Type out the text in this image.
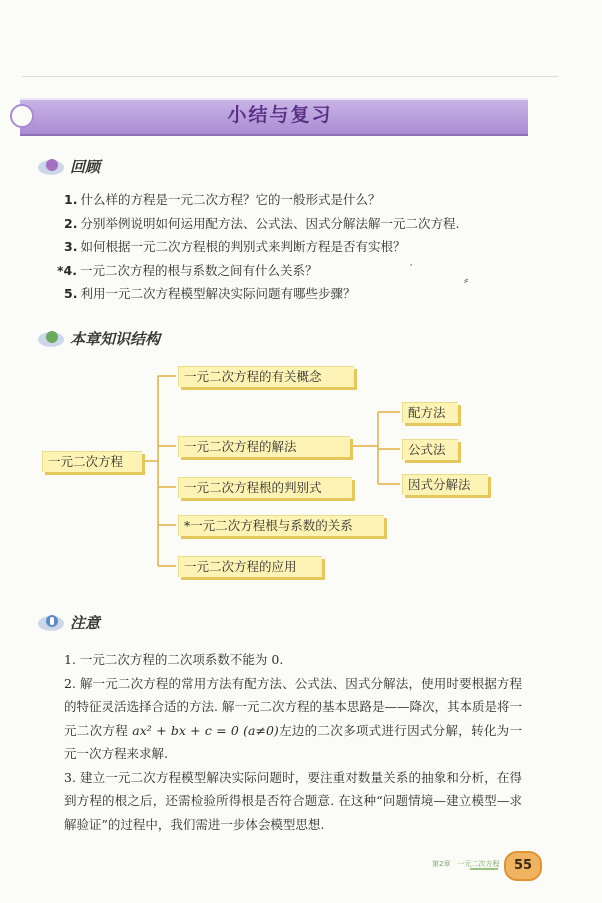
小结与复习
回顾
1. 什么样的方程是一元二次方程？它的一般形式是什么？
2. 分别举例说明如何运用配方法、公式法、因式分解法解一元二次方程.
3. 如何根据一元二次方程根的判别式来判断方程是否有实根？
*4. 一元二次方程的根与系数之间有什么关系？
5. 利用一元二次方程模型解决实际问题有哪些步骤？
′
⸗
本章知识结构
一元二次方程
一元二次方程的有关概念
一元二次方程的解法
一元二次方程根的判别式
*一元二次方程根与系数的关系
一元二次方程的应用
配方法
公式法
因式分解法
注意

1. 一元二次方程的二次项系数不能为 0.

2. 解一元二次方程的常用方法有配方法、公式法、因式分解法，使用时要根据方程的特征灵活选择合适的方法. 解一元二次方程的基本思路是——降次，其本质是将一元二次方程 ax² + bx + c = 0 (a≠0)左边的二次多项式进行因式分解，转化为一元一次方程来求解.

3. 建立一元二次方程模型解决实际问题时，要注重对数量关系的抽象和分析，在得到方程的根之后，还需检验所得根是否符合题意. 在这种“问题情境—建立模型—求解验证”的过程中，我们需进一步体会模型思想.

第2章　一元二次方程	55
